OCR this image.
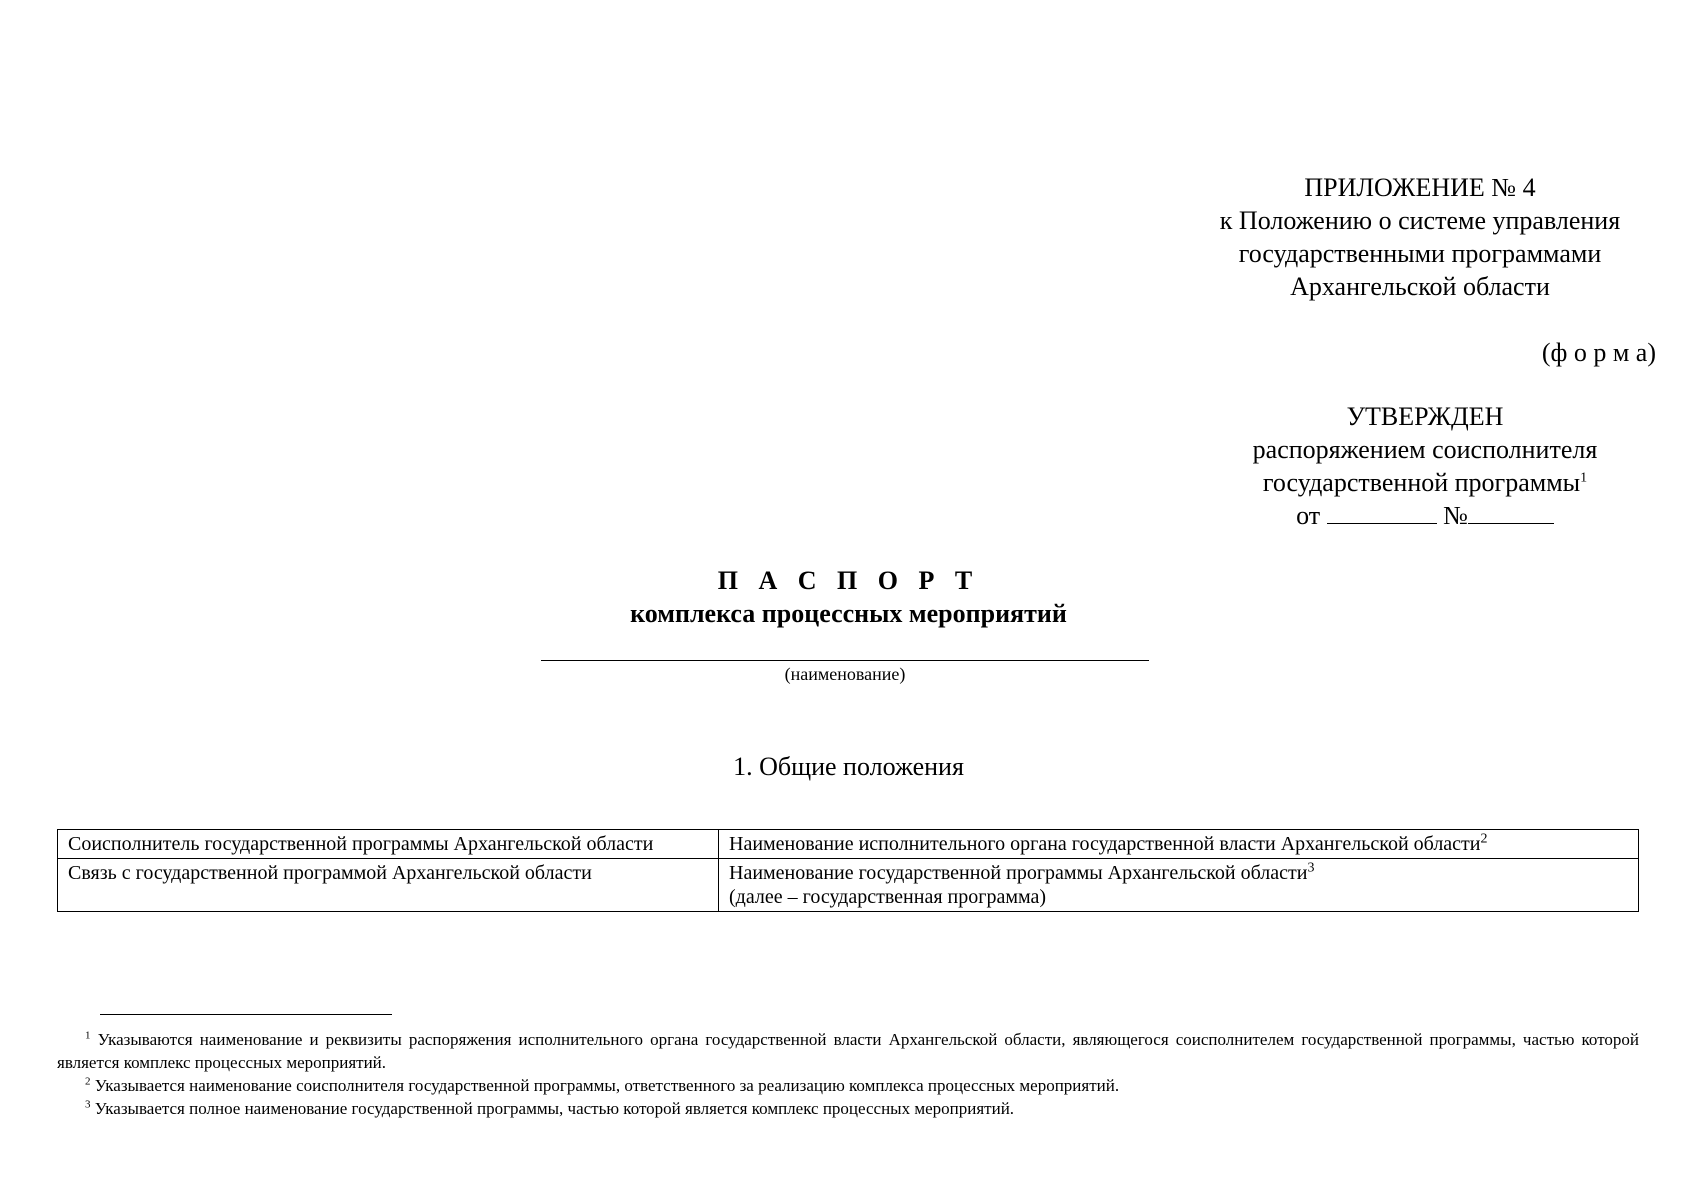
ПРИЛОЖЕНИЕ № 4
к Положению о системе управления
государственными программами
Архангельской области
(ф о р м а)
УТВЕРЖДЕН
распоряжением соисполнителя
государственной программы$^1$
от	№
П А С П О Р Т
комплекса процессных мероприятий
(наименование)
1. Общие положения
Соисполнитель государственной программы Архангельской области	Наименование исполнительного органа государственной власти Архангельской области$^2$
Связь с государственной программой Архангельской области	Наименование государственной программы Архангельской области$^3$
(далее – государственная программа)
$^1$ Указываются наименование и реквизиты распоряжения исполнительного органа государственной власти Архангельской области, являющегося соисполнителем государственной программы, частью которой является комплекс процессных мероприятий.
$^2$ Указывается наименование соисполнителя государственной программы, ответственного за реализацию комплекса процессных мероприятий.
$^3$ Указывается полное наименование государственной программы, частью которой является комплекс процессных мероприятий.
